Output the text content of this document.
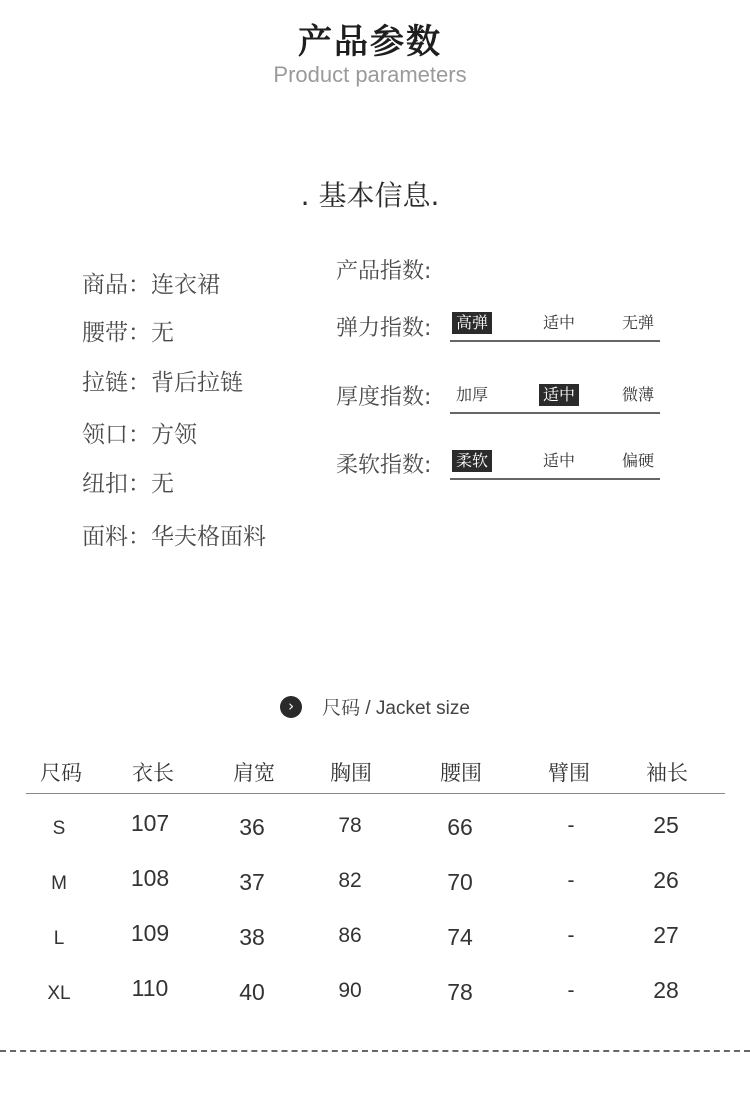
产品参数
Product parameters
. 基本信息.
商品：连衣裙
腰带：无
拉链：背后拉链
领口：方领
纽扣：无
面料：华夫格面料
产品指数:
弹力指数: 高弹	适中	无弹
厚度指数: 加厚	适中	微薄
柔软指数: 柔软	适中	偏硬
›	尺码 / Jacket size
尺码	衣长	肩宽	胸围	腰围	臂围	袖长
S	107	36	78	66	-	25
M	108	37	82	70	-	26
L	109	38	86	74	-	27
XL	110	40	90	78	-	28
